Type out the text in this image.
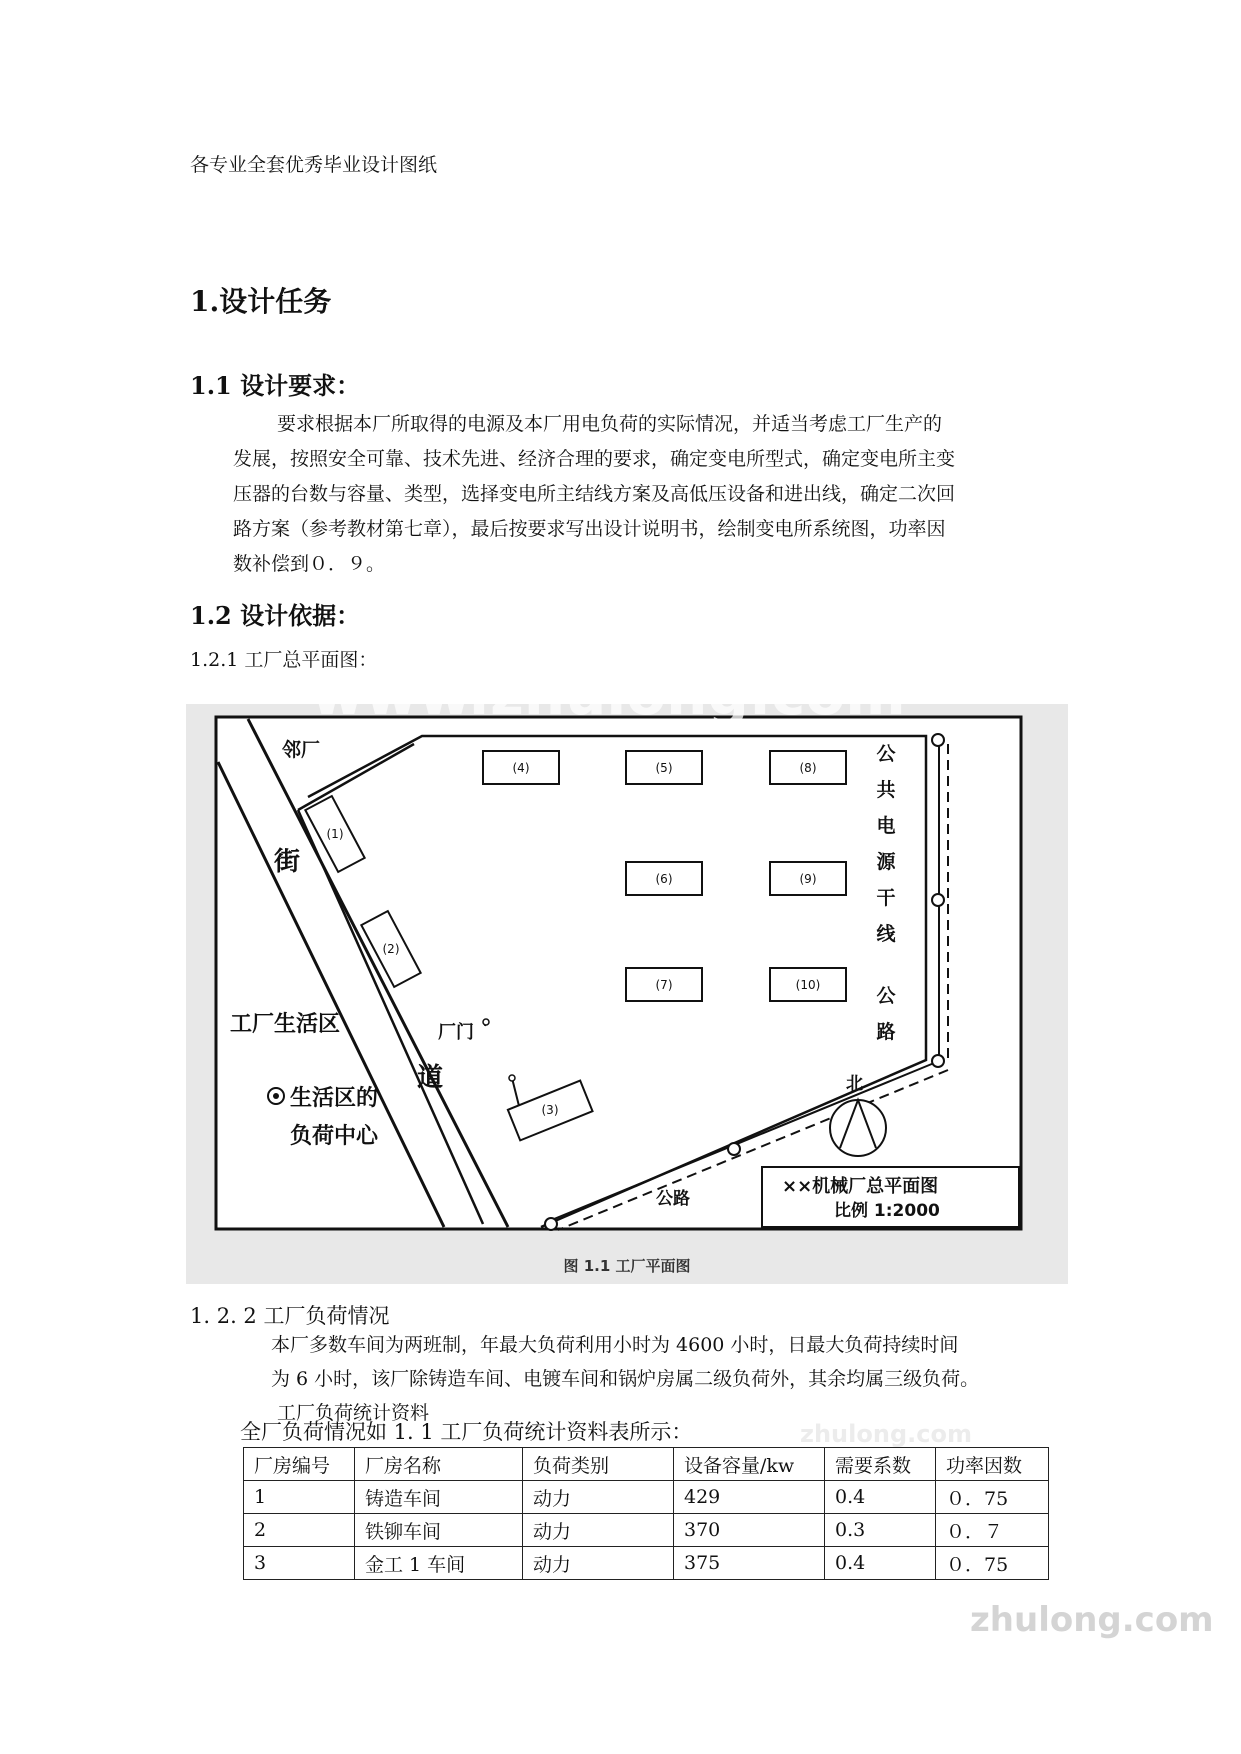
各专业全套优秀毕业设计图纸
1.设计任务
1.1 设计要求：
要求根据本厂所取得的电源及本厂用电负荷的实际情况，并适当考虑工厂生产的
发展，按照安全可靠、技术先进、经济合理的要求，确定变电所型式，确定变电所主变
压器的台数与容量、类型，选择变电所主结线方案及高低压设备和进出线，确定二次回
路方案（参考教材第七章），最后按要求写出设计说明书，绘制变电所系统图，功率因
数补偿到０．９。
1.2 设计依据：
1.2.1 工厂总平面图：
(4)	(5)	(8)
(6)	(9)
(7)	(10)
(1)
(2)
(3)
邻厂
街
道
工厂生活区
生活区的
负荷中心
厂门
公路
公
共
电
源
干
线
公
路
北
××机械厂总平面图
比例 1:2000
图 1.1 工厂平面图
www.zhulong.com
1. 2. 2 工厂负荷情况
本厂多数车间为两班制，年最大负荷利用小时为 4600 小时，日最大负荷持续时间
为 6 小时，该厂除铸造车间、电镀车间和锅炉房属二级负荷外，其余均属三级负荷。
工厂负荷统计资料
zhulong.com
全厂负荷情况如 1. 1 工厂负荷统计资料表所示：
厂房编号	厂房名称	负荷类别	设备容量/kw	需要系数	功率因数
1	铸造车间	动力	429	0.4	０．75
2	铁铆车间	动力	370	0.3	０．７
3	金工 1 车间	动力	375	0.4	０．75
zhulong.com
